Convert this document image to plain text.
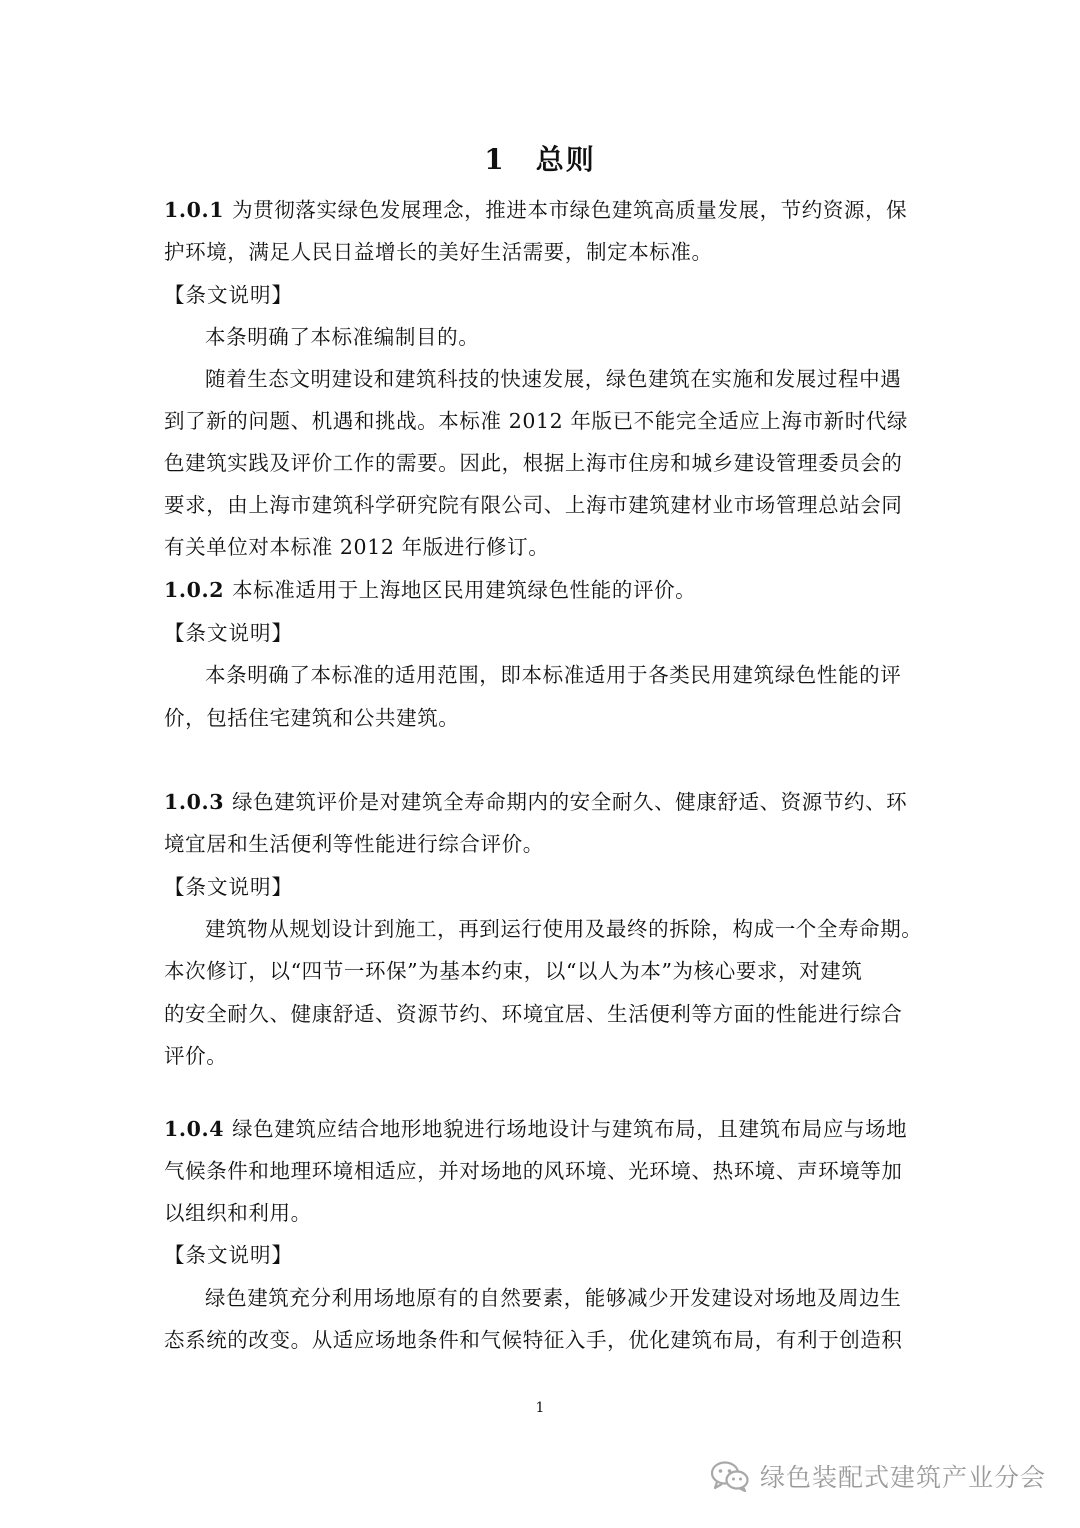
1 总则
1.0.1 为贯彻落实绿色发展理念，推进本市绿色建筑高质量发展，节约资源，保
护环境，满足人民日益增长的美好生活需要，制定本标准。
【条文说明】
本条明确了本标准编制目的。
随着生态文明建设和建筑科技的快速发展，绿色建筑在实施和发展过程中遇
到了新的问题、机遇和挑战。本标准 2012 年版已不能完全适应上海市新时代绿
色建筑实践及评价工作的需要。因此，根据上海市住房和城乡建设管理委员会的
要求，由上海市建筑科学研究院有限公司、上海市建筑建材业市场管理总站会同
有关单位对本标准 2012 年版进行修订。
1.0.2 本标准适用于上海地区民用建筑绿色性能的评价。
【条文说明】
本条明确了本标准的适用范围，即本标准适用于各类民用建筑绿色性能的评
价，包括住宅建筑和公共建筑。
1.0.3 绿色建筑评价是对建筑全寿命期内的安全耐久、健康舒适、资源节约、环
境宜居和生活便利等性能进行综合评价。
【条文说明】
建筑物从规划设计到施工，再到运行使用及最终的拆除，构成一个全寿命期。
本次修订，以“四节一环保”为基本约束，以“以人为本”为核心要求，对建筑
的安全耐久、健康舒适、资源节约、环境宜居、生活便利等方面的性能进行综合
评价。
1.0.4 绿色建筑应结合地形地貌进行场地设计与建筑布局，且建筑布局应与场地
气候条件和地理环境相适应，并对场地的风环境、光环境、热环境、声环境等加
以组织和利用。
【条文说明】
绿色建筑充分利用场地原有的自然要素，能够减少开发建设对场地及周边生
态系统的改变。从适应场地条件和气候特征入手，优化建筑布局，有利于创造积
1
绿色装配式建筑产业分会
